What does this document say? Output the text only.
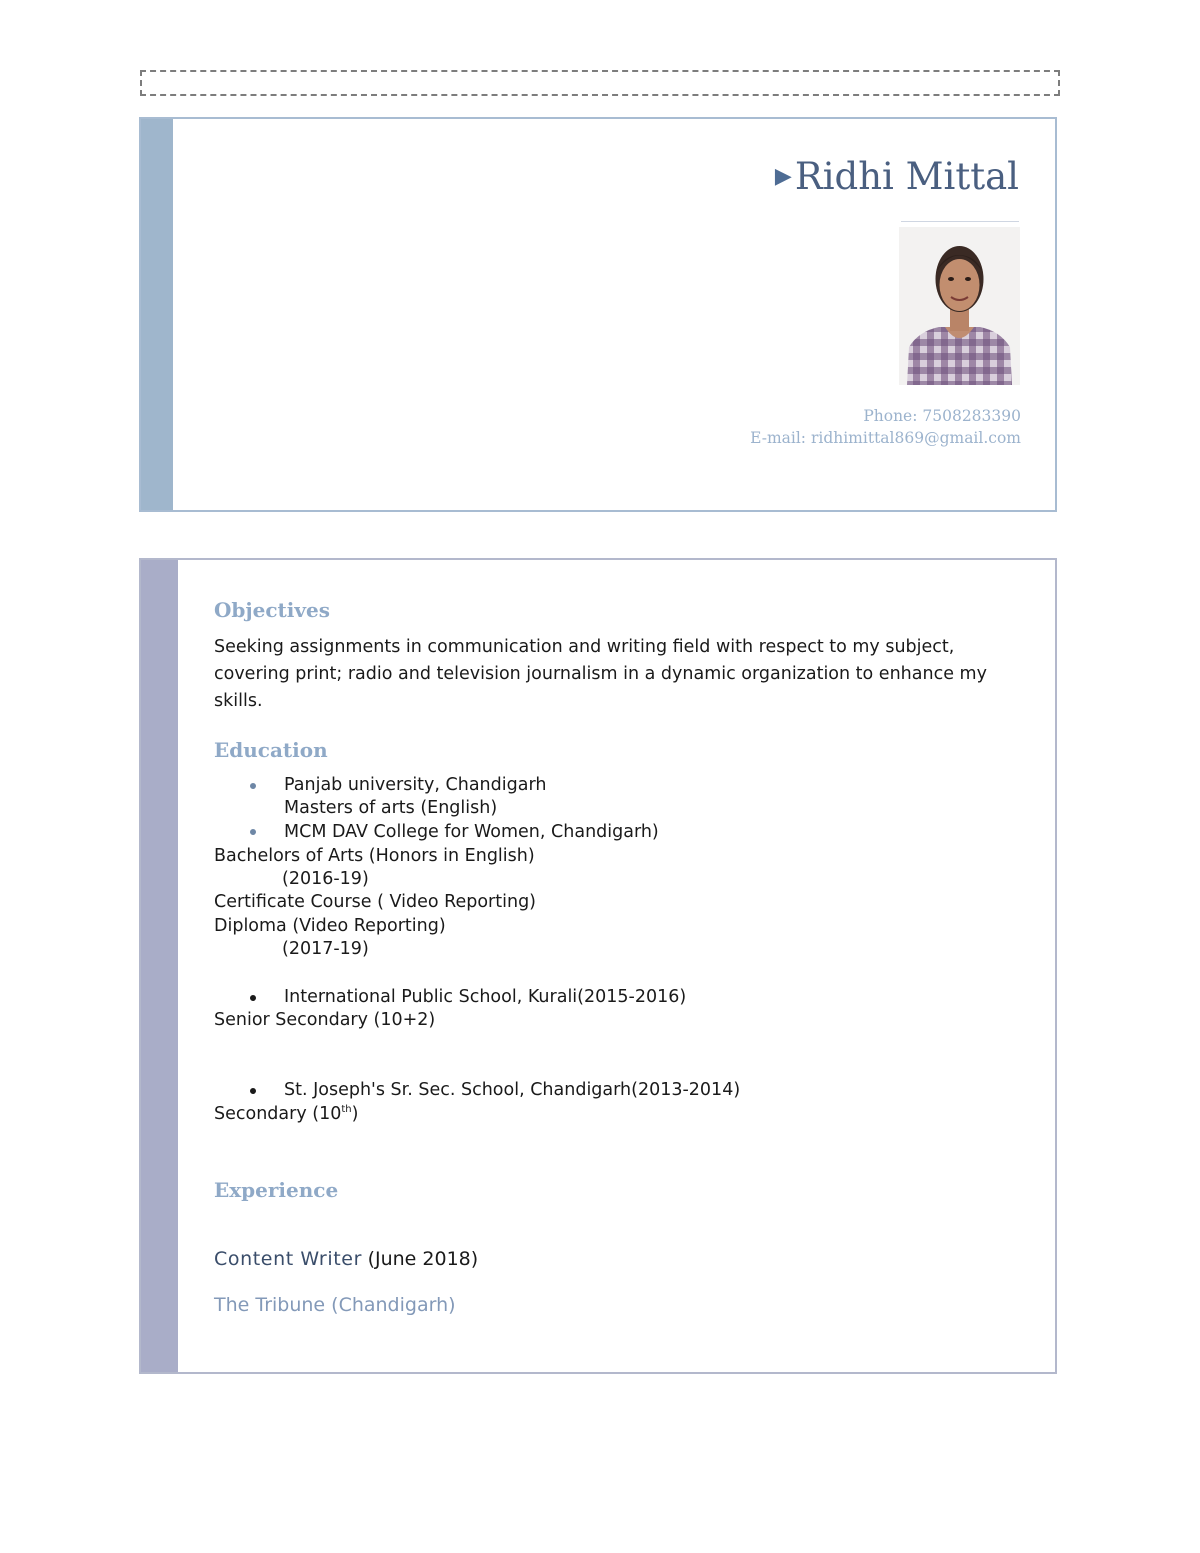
▶Ridhi Mittal
Phone: 7508283390
E-mail: ridhimittal869@gmail.com
Objectives
Seeking assignments in communication and writing field with respect to my subject, covering print; radio and television journalism in a dynamic organization to enhance my skills.
Education
Panjab university, Chandigarh
Masters of arts (English)
MCM DAV College for Women, Chandigarh)
Bachelors of Arts (Honors in English)
(2016-19)
Certificate Course ( Video Reporting)
Diploma (Video Reporting)
(2017-19)
International Public School, Kurali(2015-2016)
Senior Secondary (10+2)
St. Joseph's Sr. Sec. School, Chandigarh(2013-2014)
Secondary (10th)
Experience
Content Writer (June 2018)
The Tribune (Chandigarh)
